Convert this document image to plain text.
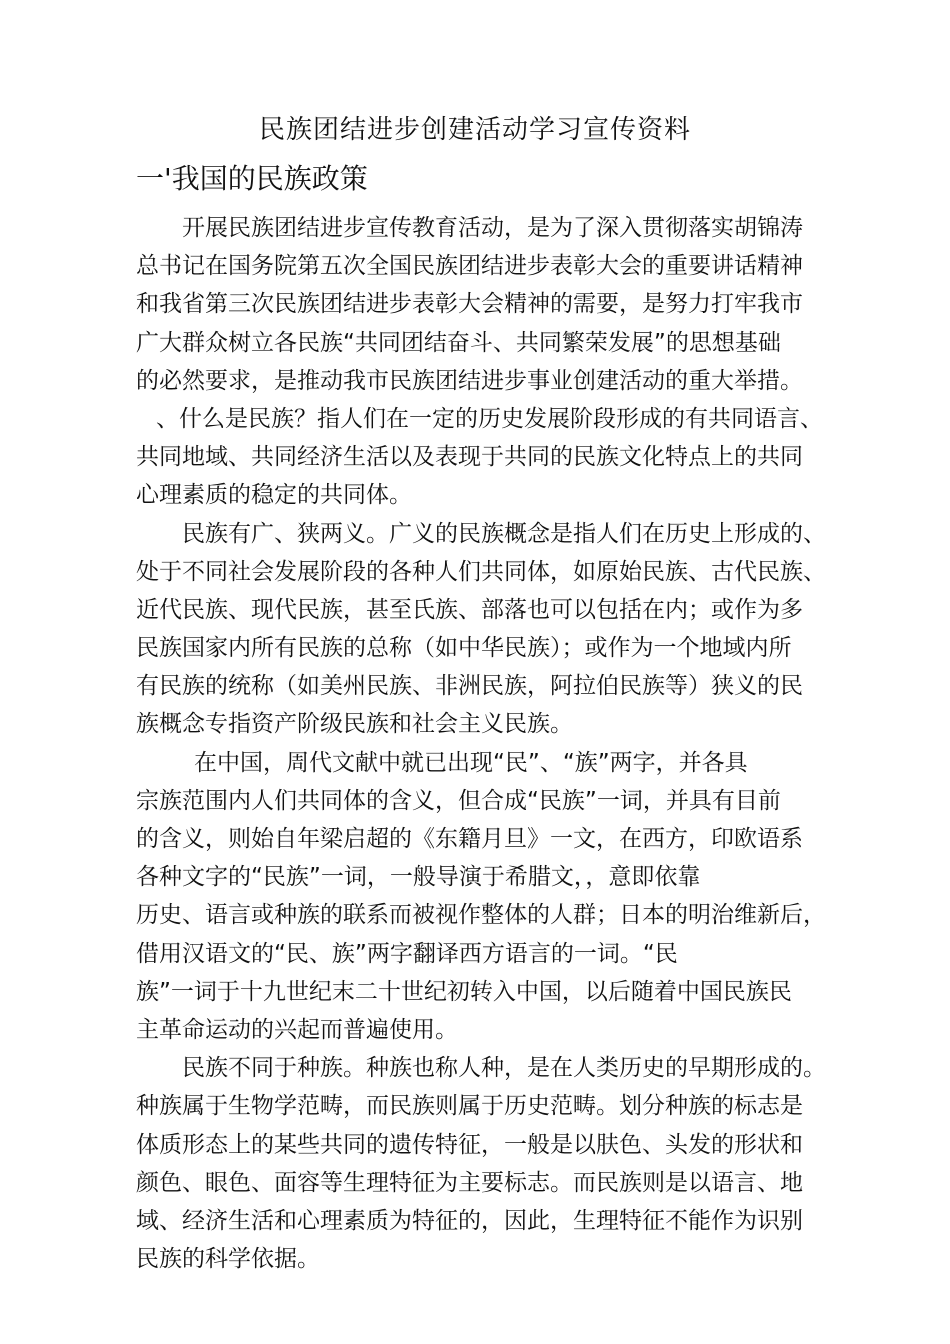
民族团结进步创建活动学习宣传资料
一'我国的民族政策
开展民族团结进步宣传教育活动，是为了深入贯彻落实胡锦涛
总书记在国务院第五次全国民族团结进步表彰大会的重要讲话精神
和我省第三次民族团结进步表彰大会精神的需要，是努力打牢我市
广大群众树立各民族“共同团结奋斗、共同繁荣发展”的思想基础
的必然要求，是推动我市民族团结进步事业创建活动的重大举措。
、什么是民族？指人们在一定的历史发展阶段形成的有共同语言、
共同地域、共同经济生活以及表现于共同的民族文化特点上的共同
心理素质的稳定的共同体。
民族有广、狭两义。广义的民族概念是指人们在历史上形成的、
处于不同社会发展阶段的各种人们共同体，如原始民族、古代民族、
近代民族、现代民族，甚至氏族、部落也可以包括在内；或作为多
民族国家内所有民族的总称（如中华民族）；或作为一个地域内所
有民族的统称（如美州民族、非洲民族，阿拉伯民族等）狭义的民
族概念专指资产阶级民族和社会主义民族。
在中国，周代文献中就已出现“民”、“族”两字，并各具
宗族范围内人们共同体的含义，但合成“民族”一词，并具有目前
的含义，则始自年梁启超的《东籍月旦》一文，在西方，印欧语系
各种文字的“民族”一词，一般导演于希腊文，，意即依靠
历史、语言或种族的联系而被视作整体的人群；日本的明治维新后，
借用汉语文的“民、族”两字翻译西方语言的一词。“民
族”一词于十九世纪末二十世纪初转入中国，以后随着中国民族民
主革命运动的兴起而普遍使用。
民族不同于种族。种族也称人种，是在人类历史的早期形成的。
种族属于生物学范畴，而民族则属于历史范畴。划分种族的标志是
体质形态上的某些共同的遗传特征，一般是以肤色、头发的形状和
颜色、眼色、面容等生理特征为主要标志。而民族则是以语言、地
域、经济生活和心理素质为特征的，因此，生理特征不能作为识别
民族的科学依据。
